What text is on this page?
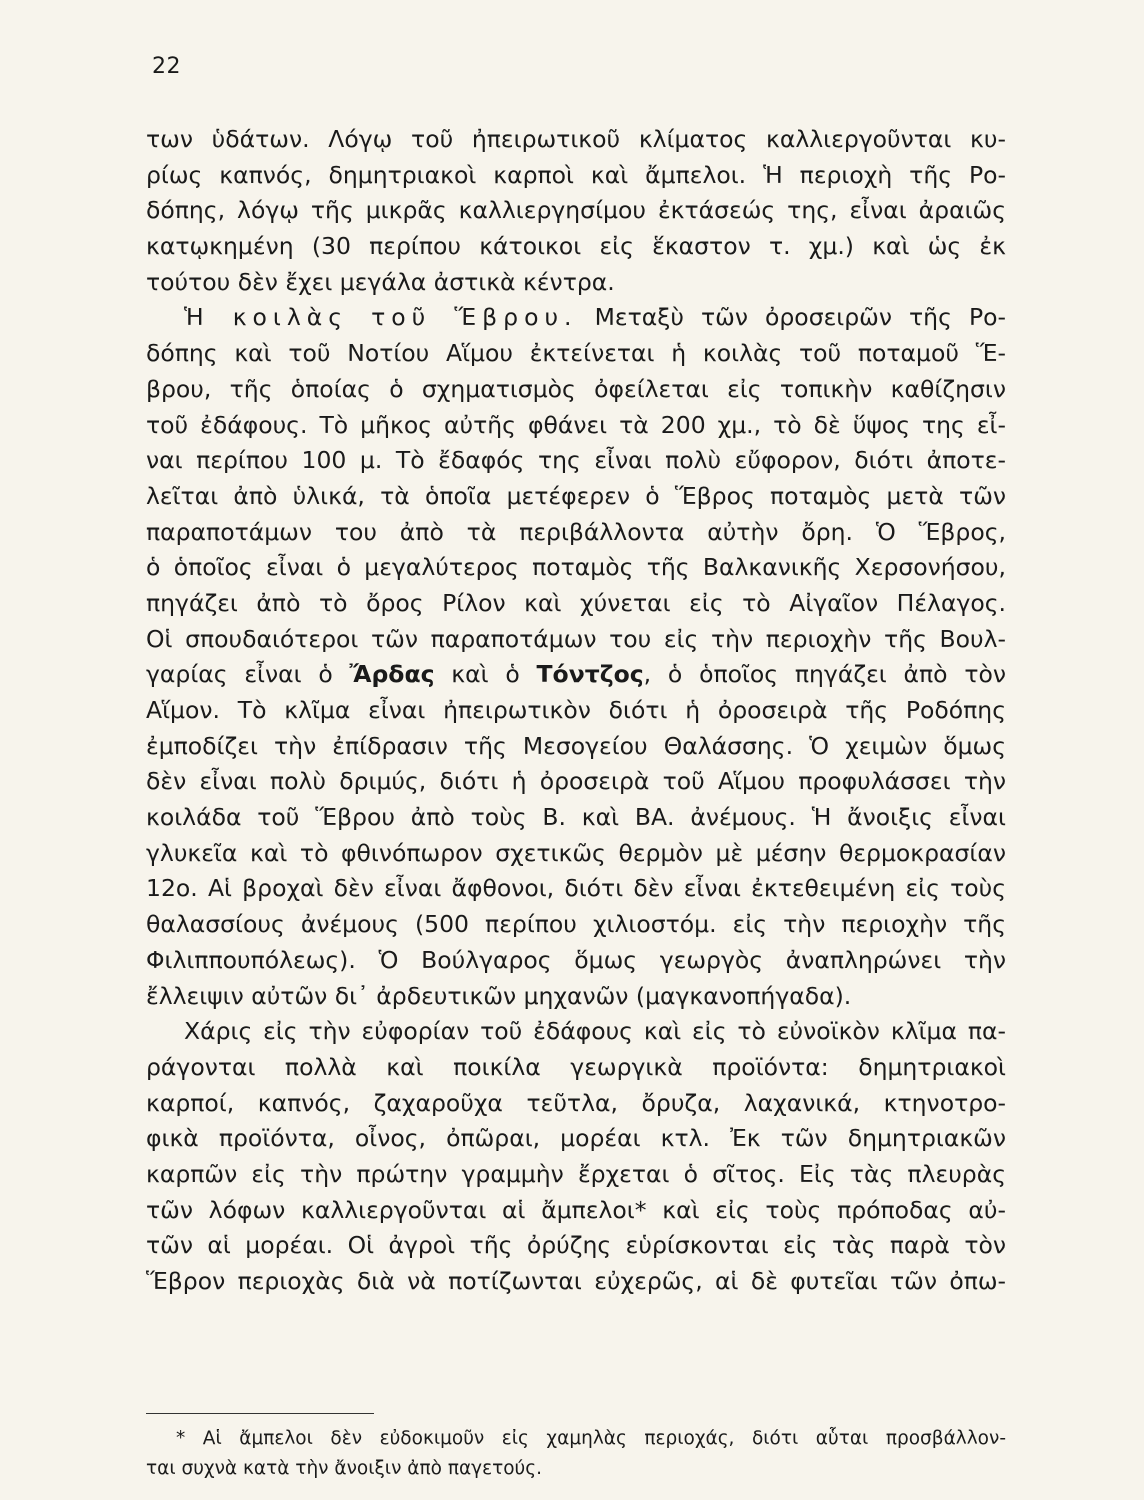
22
των ὑδάτων. Λόγῳ τοῦ ἠπειρωτικοῦ κλίματος καλλιεργοῦνται κυ-
ρίως καπνός, δημητριακοὶ καρποὶ καὶ ἄμπελοι. Ἡ περιοχὴ τῆς Ρο-
δόπης, λόγῳ τῆς μικρᾶς καλλιεργησίμου ἐκτάσεώς της, εἶναι ἀραιῶς
κατῳκημένη (30 περίπου κάτοικοι εἰς ἕκαστον τ. χμ.) καὶ ὡς ἐκ
τούτου δὲν ἔχει μεγάλα ἀστικὰ κέντρα.
Ἡ κοιλὰς τοῦ Ἕβρου. Μεταξὺ τῶν ὀροσειρῶν τῆς Ρο-
δόπης καὶ τοῦ Νοτίου Αἵμου ἐκτείνεται ἡ κοιλὰς τοῦ ποταμοῦ Ἕ-
βρου, τῆς ὁποίας ὁ σχηματισμὸς ὀφείλεται εἰς τοπικὴν καθίζησιν
τοῦ ἐδάφους. Τὸ μῆκος αὐτῆς φθάνει τὰ 200 χμ., τὸ δὲ ὕψος της εἶ-
ναι περίπου 100 μ. Τὸ ἔδαφός της εἶναι πολὺ εὔφορον, διότι ἀποτε-
λεῖται ἀπὸ ὑλικά, τὰ ὁποῖα μετέφερεν ὁ Ἕβρος ποταμὸς μετὰ τῶν
παραποτάμων του ἀπὸ τὰ περιβάλλοντα αὐτὴν ὄρη. Ὁ Ἕβρος,
ὁ ὁποῖος εἶναι ὁ μεγαλύτερος ποταμὸς τῆς Βαλκανικῆς Χερσονήσου,
πηγάζει ἀπὸ τὸ ὄρος Ρίλον καὶ χύνεται εἰς τὸ Αἰγαῖον Πέλαγος.
Οἱ σπουδαιότεροι τῶν παραποτάμων του εἰς τὴν περιοχὴν τῆς Βουλ-
γαρίας εἶναι ὁ Ἄρδας καὶ ὁ Τόντζος, ὁ ὁποῖος πηγάζει ἀπὸ τὸν
Αἵμον. Τὸ κλῖμα εἶναι ἠπειρωτικὸν διότι ἡ ὀροσειρὰ τῆς Ροδόπης
ἐμποδίζει τὴν ἐπίδρασιν τῆς Μεσογείου Θαλάσσης. Ὁ χειμὼν ὅμως
δὲν εἶναι πολὺ δριμύς, διότι ἡ ὀροσειρὰ τοῦ Αἵμου προφυλάσσει τὴν
κοιλάδα τοῦ Ἕβρου ἀπὸ τοὺς Β. καὶ ΒΑ. ἀνέμους. Ἡ ἄνοιξις εἶναι
γλυκεῖα καὶ τὸ φθινόπωρον σχετικῶς θερμὸν μὲ μέσην θερμοκρασίαν
12ο. Αἱ βροχαὶ δὲν εἶναι ἄφθονοι, διότι δὲν εἶναι ἐκτεθειμένη εἰς τοὺς
θαλασσίους ἀνέμους (500 περίπου χιλιοστόμ. εἰς τὴν περιοχὴν τῆς
Φιλιππουπόλεως). Ὁ Βούλγαρος ὅμως γεωργὸς ἀναπληρώνει τὴν
ἔλλειψιν αὐτῶν δι᾽ ἀρδευτικῶν μηχανῶν (μαγκανοπήγαδα).
Χάρις εἰς τὴν εὐφορίαν τοῦ ἐδάφους καὶ εἰς τὸ εὐνοϊκὸν κλῖμα πα-
ράγονται πολλὰ καὶ ποικίλα γεωργικὰ προϊόντα: δημητριακοὶ
καρποί, καπνός, ζαχαροῦχα τεῦτλα, ὄρυζα, λαχανικά, κτηνοτρο-
φικὰ προϊόντα, οἶνος, ὀπῶραι, μορέαι κτλ. Ἐκ τῶν δημητριακῶν
καρπῶν εἰς τὴν πρώτην γραμμὴν ἔρχεται ὁ σῖτος. Εἰς τὰς πλευρὰς
τῶν λόφων καλλιεργοῦνται αἱ ἄμπελοι* καὶ εἰς τοὺς πρόποδας αὐ-
τῶν αἱ μορέαι. Οἱ ἀγροὶ τῆς ὀρύζης εὑρίσκονται εἰς τὰς παρὰ τὸν
Ἕβρον περιοχὰς διὰ νὰ ποτίζωνται εὐχερῶς, αἱ δὲ φυτεῖαι τῶν ὀπω-
* Αἱ ἄμπελοι δὲν εὐδοκιμοῦν εἰς χαμηλὰς περιοχάς, διότι αὗται προσβάλλον-
ται συχνὰ κατὰ τὴν ἄνοιξιν ἀπὸ παγετούς.
